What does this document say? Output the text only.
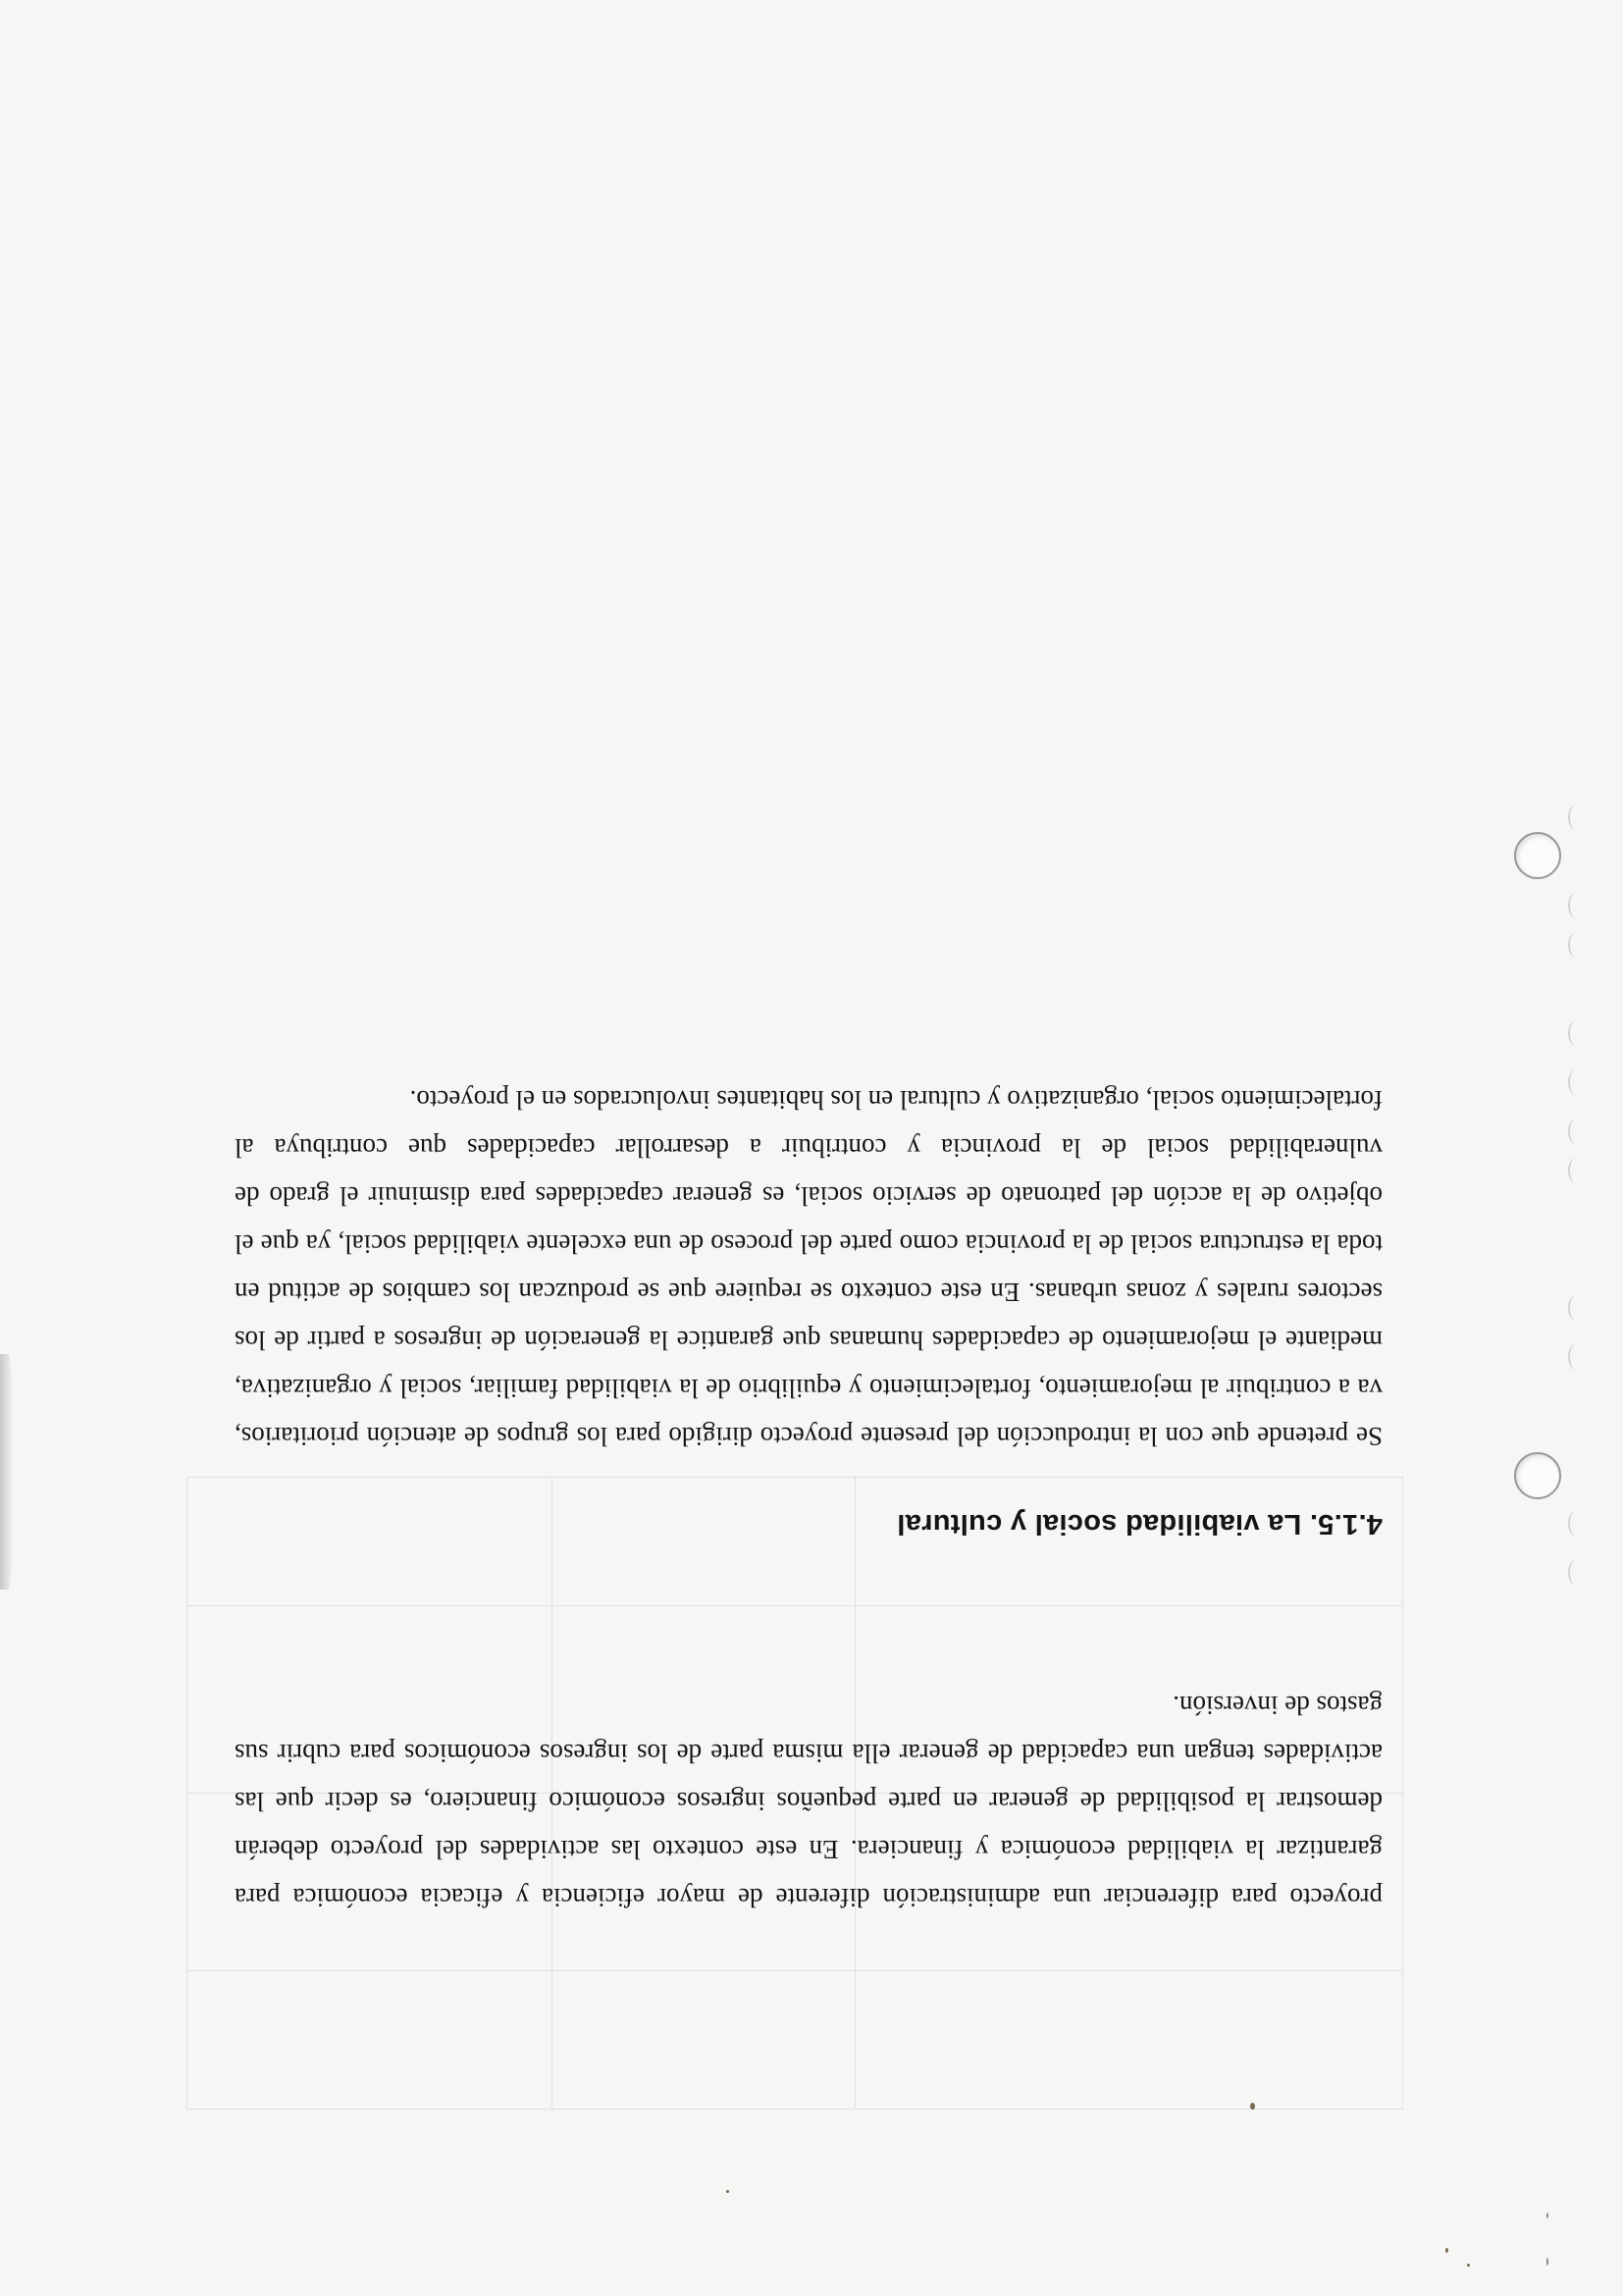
proyecto para diferenciar una administración diferente de mayor eficiencia y eficacia económica para garantizar la viabilidad económica y financiera. En este contexto las actividades del proyecto deberán demostrar la posibilidad de generar en parte pequeños ingresos económico financiero, es decir que las actividades tengan una capacidad de generar ella misma parte de los ingresos económicos para cubrir sus gastos de inversión.

4.1.5. La viabilidad social y cultural

Se pretende que con la introducción del presente proyecto dirigido para los grupos de atención prioritarios, va a contribuir al mejoramiento, fortalecimiento y equilibrio de la viabilidad familiar, social y organizativa, mediante el mejoramiento de capacidades humanas que garantice la generación de ingresos a partir de los sectores rurales y zonas urbanas. En este contexto se requiere que se produzcan los cambios de actitud en toda la estructura social de la provincia como parte del proceso de una excelente viabilidad social, ya que el objetivo de la acción del patronato de servicio social, es generar capacidades para disminuir el grado de vulnerabilidad social de la provincia y contribuir a desarrollar capacidades que contribuya al fortalecimiento social, organizativo y cultural en los habitantes involucrados en el proyecto.
